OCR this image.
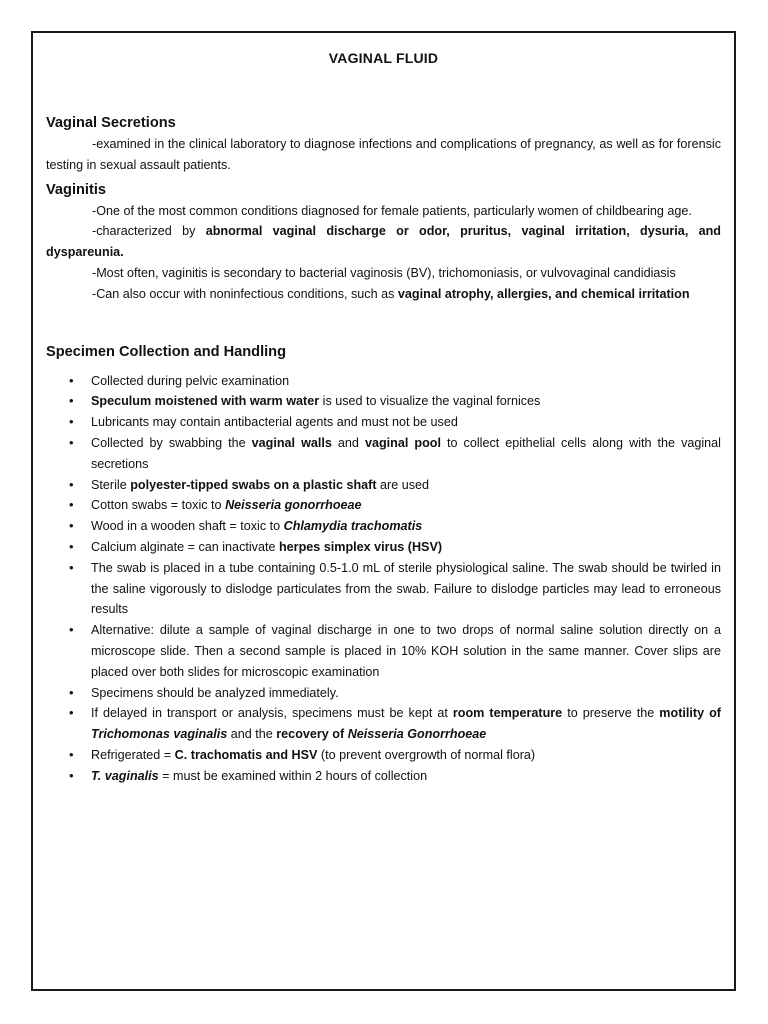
VAGINAL FLUID
Vaginal Secretions

-examined in the clinical laboratory to diagnose infections and complications of pregnancy, as well as for forensic testing in sexual assault patients.

Vaginitis

-One of the most common conditions diagnosed for female patients, particularly women of childbearing age.

-characterized by abnormal vaginal discharge or odor, pruritus, vaginal irritation, dysuria, and dyspareunia.

-Most often, vaginitis is secondary to bacterial vaginosis (BV), trichomoniasis, or vulvovaginal candidiasis

-Can also occur with noninfectious conditions, such as vaginal atrophy, allergies, and chemical irritation

Specimen Collection and Handling
• Collected during pelvic examination
• Speculum moistened with warm water is used to visualize the vaginal fornices
• Lubricants may contain antibacterial agents and must not be used
• Collected by swabbing the vaginal walls and vaginal pool to collect epithelial cells along with the vaginal secretions
• Sterile polyester-tipped swabs on a plastic shaft are used
• Cotton swabs = toxic to Neisseria gonorrhoeae
• Wood in a wooden shaft = toxic to Chlamydia trachomatis
• Calcium alginate = can inactivate herpes simplex virus (HSV)
• The swab is placed in a tube containing 0.5-1.0 mL of sterile physiological saline. The swab should be twirled in the saline vigorously to dislodge particulates from the swab. Failure to dislodge particles may lead to erroneous results
• Alternative: dilute a sample of vaginal discharge in one to two drops of normal saline solution directly on a microscope slide. Then a second sample is placed in 10% KOH solution in the same manner. Cover slips are placed over both slides for microscopic examination
• Specimens should be analyzed immediately.
• If delayed in transport or analysis, specimens must be kept at room temperature to preserve the motility of Trichomonas vaginalis and the recovery of Neisseria Gonorrhoeae
• Refrigerated = C. trachomatis and HSV (to prevent overgrowth of normal flora)
• T. vaginalis = must be examined within 2 hours of collection
